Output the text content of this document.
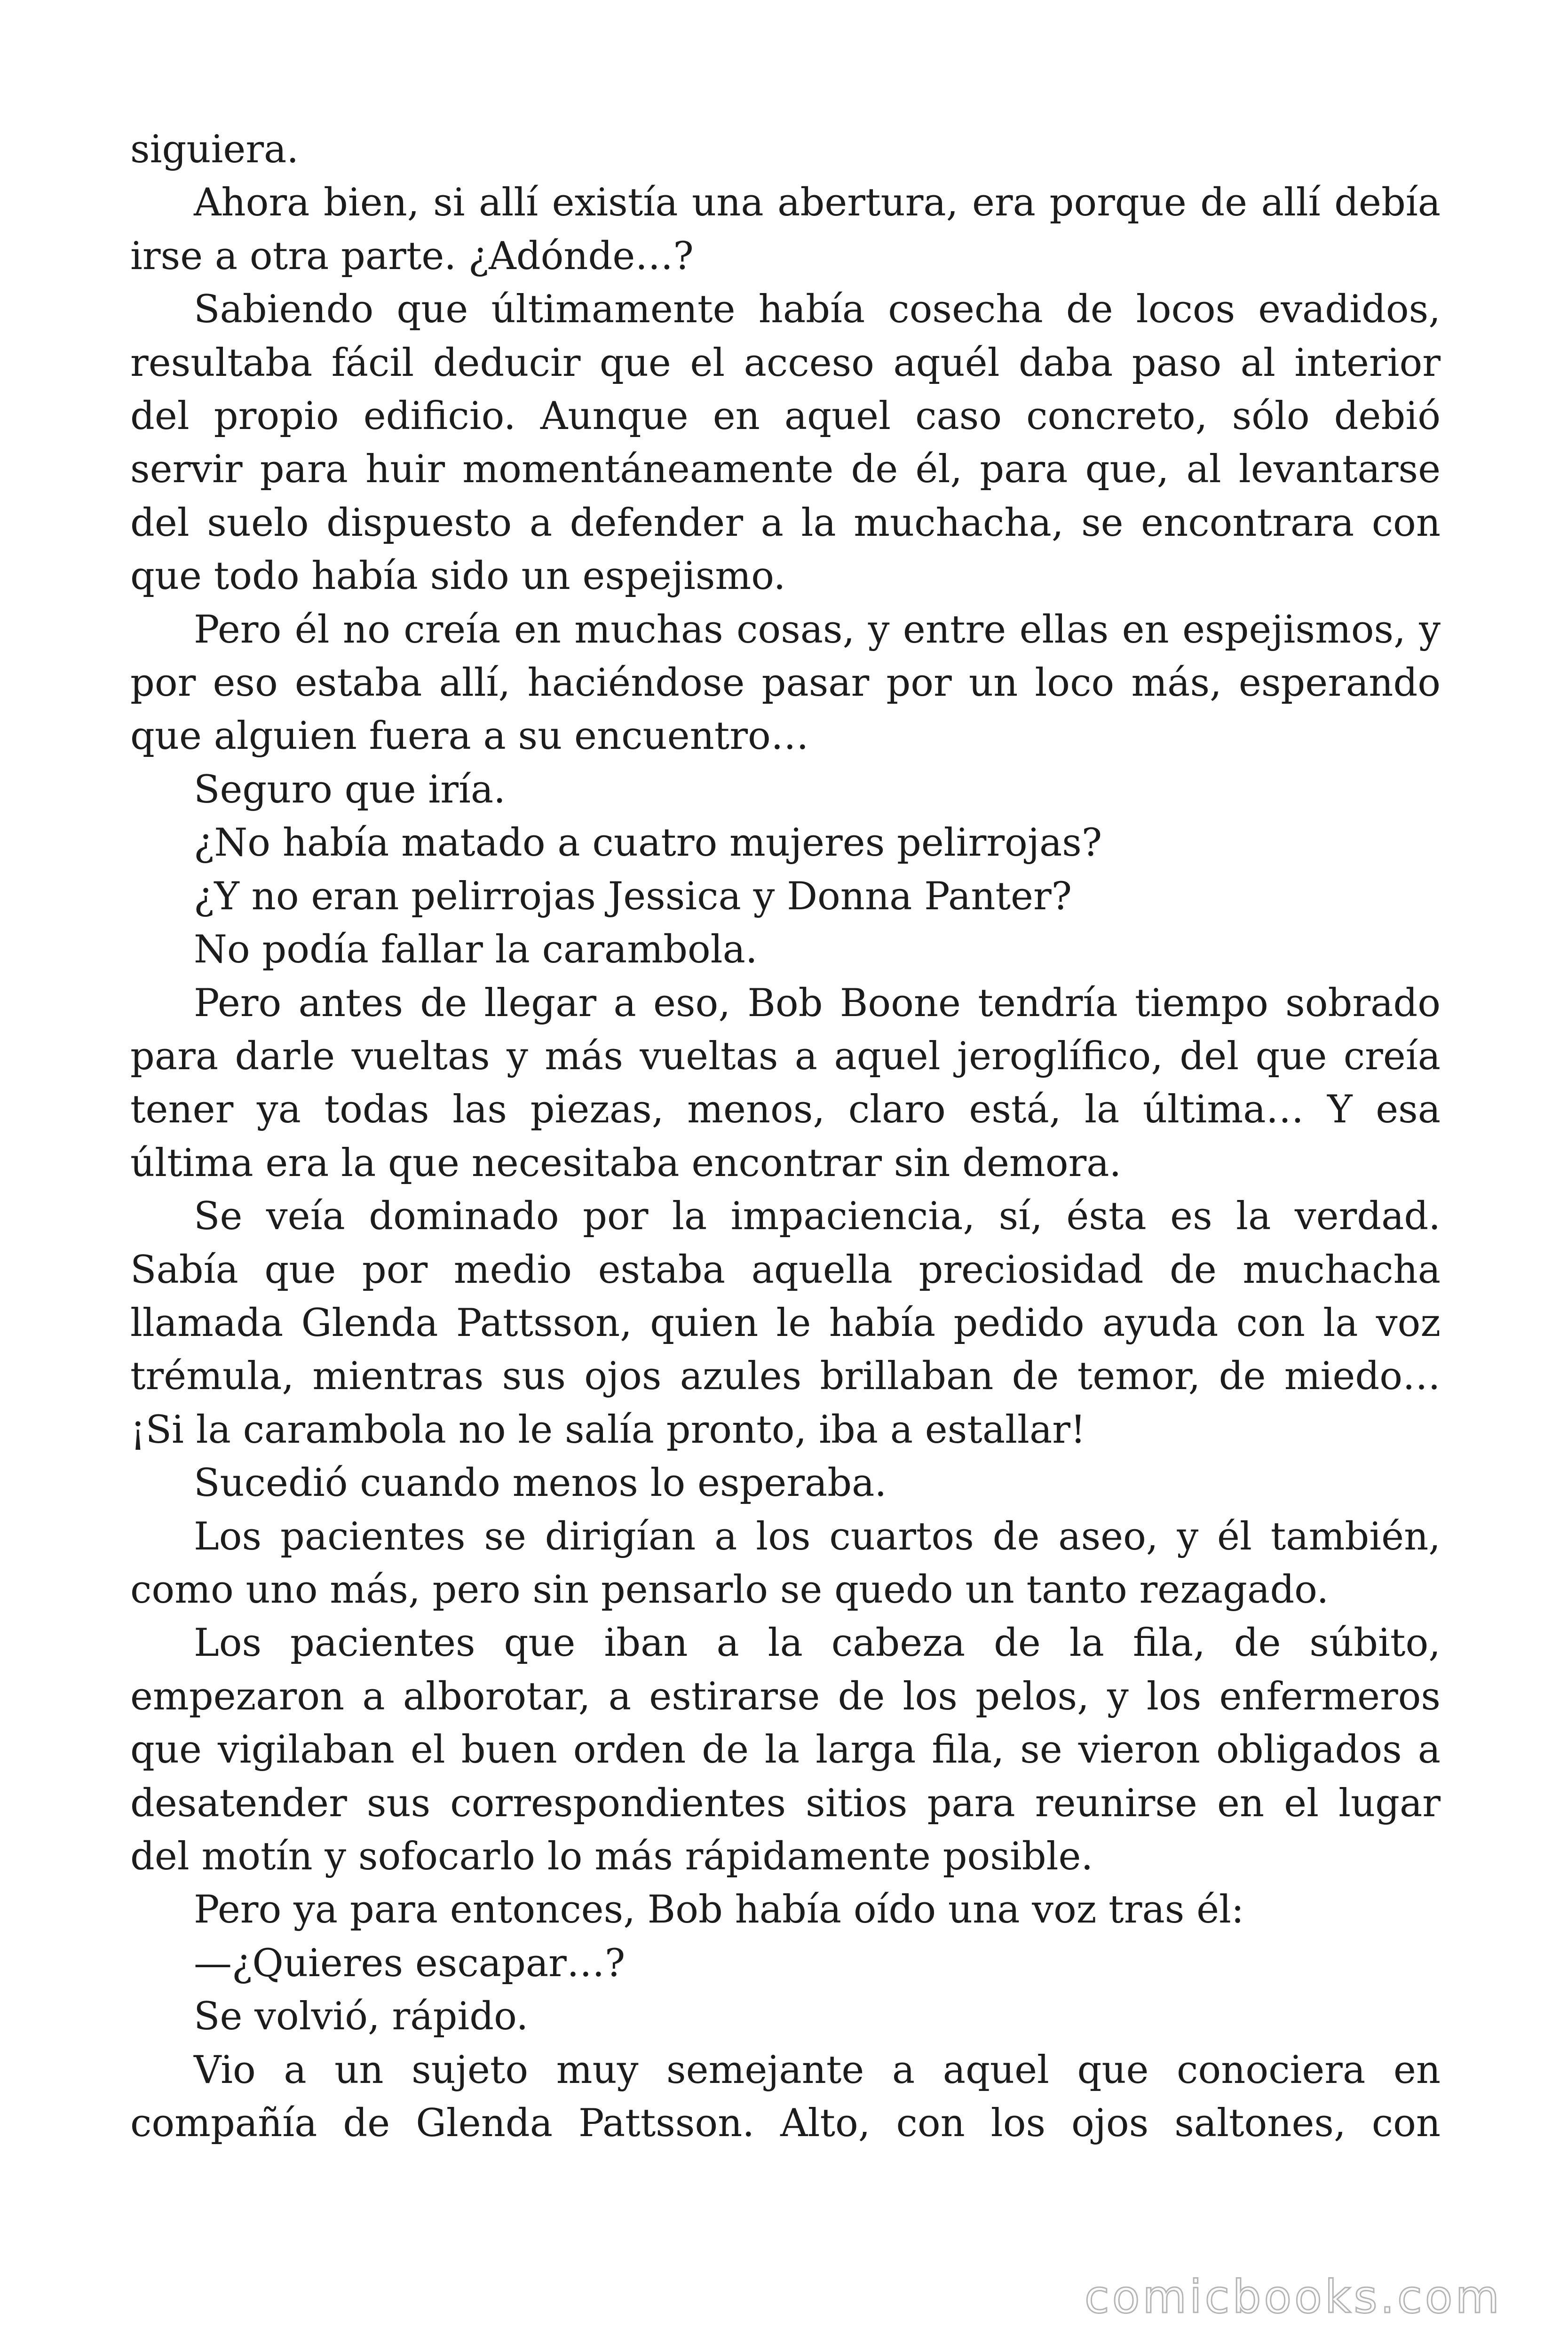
siguiera.

Ahora bien, si allí existía una abertura, era porque de allí debía irse a otra parte. ¿Adónde…?

Sabiendo que últimamente había cosecha de locos evadidos, resultaba fácil deducir que el acceso aquél daba paso al interior del propio edificio. Aunque en aquel caso concreto, sólo debió servir para huir momentáneamente de él, para que, al levantarse del suelo dispuesto a defender a la muchacha, se encontrara con que todo había sido un espejismo.

Pero él no creía en muchas cosas, y entre ellas en espejismos, y por eso estaba allí, haciéndose pasar por un loco más, esperando que alguien fuera a su encuentro…

Seguro que iría.

¿No había matado a cuatro mujeres pelirrojas?

¿Y no eran pelirrojas Jessica y Donna Panter?

No podía fallar la carambola.

Pero antes de llegar a eso, Bob Boone tendría tiempo sobrado para darle vueltas y más vueltas a aquel jeroglífico, del que creía tener ya todas las piezas, menos, claro está, la última… Y esa última era la que necesitaba encontrar sin demora.

Se veía dominado por la impaciencia, sí, ésta es la verdad. Sabía que por medio estaba aquella preciosidad de muchacha llamada Glenda Pattsson, quien le había pedido ayuda con la voz trémula, mientras sus ojos azules brillaban de temor, de miedo… ¡Si la carambola no le salía pronto, iba a estallar!

Sucedió cuando menos lo esperaba.

Los pacientes se dirigían a los cuartos de aseo, y él también, como uno más, pero sin pensarlo se quedo un tanto rezagado.

Los pacientes que iban a la cabeza de la fila, de súbito, empezaron a alborotar, a estirarse de los pelos, y los enfermeros que vigilaban el buen orden de la larga fila, se vieron obligados a desatender sus correspondientes sitios para reunirse en el lugar del motín y sofocarlo lo más rápidamente posible.

Pero ya para entonces, Bob había oído una voz tras él:

—¿Quieres escapar…?

Se volvió, rápido.

Vio a un sujeto muy semejante a aquel que conociera en compañía de Glenda Pattsson. Alto, con los ojos saltones, con

comicbooks.com
